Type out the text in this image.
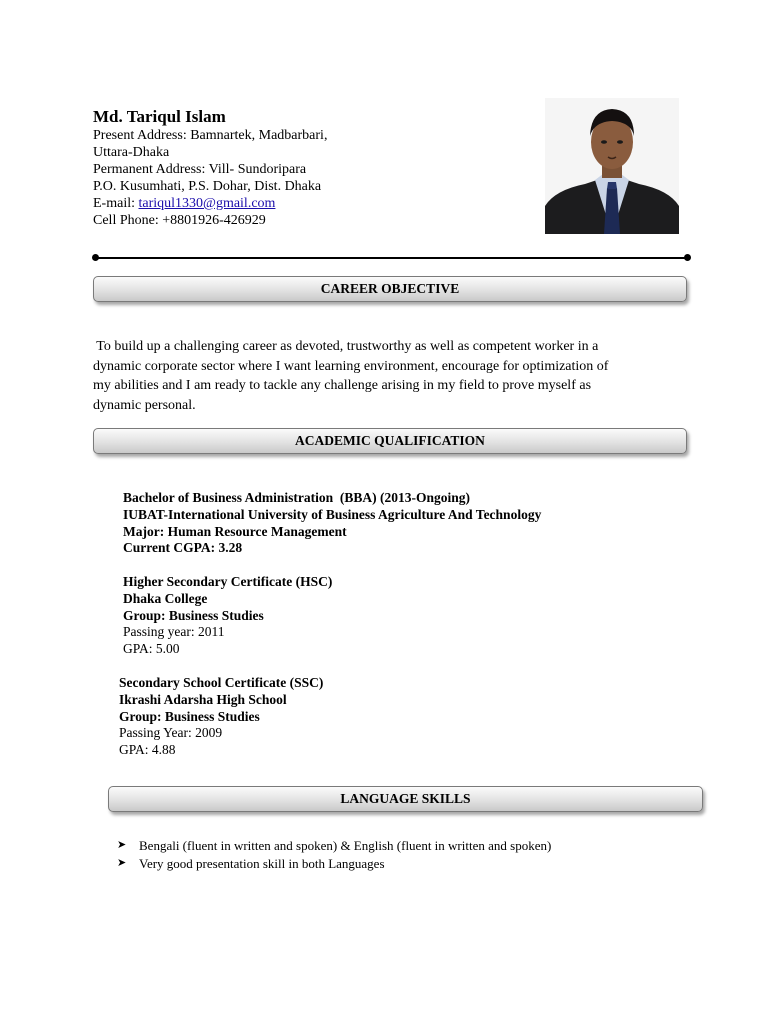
Md. Tariqul Islam
Present Address: Bamnartek, Madbarbari,
Uttara-Dhaka
Permanent Address: Vill- Sundoripara
P.O. Kusumhati, P.S. Dohar, Dist. Dhaka
E-mail: tariqul1330@gmail.com
Cell Phone: +8801926-426929
CAREER OBJECTIVE
To build up a challenging career as devoted, trustworthy as well as competent worker in a
dynamic corporate sector where I want learning environment, encourage for optimization of
my abilities and I am ready to tackle any challenge arising in my field to prove myself as
dynamic personal.
ACADEMIC QUALIFICATION
Bachelor of Business Administration  (BBA) (2013-Ongoing)
IUBAT-International University of Business Agriculture And Technology
Major: Human Resource Management
Current CGPA: 3.28
Higher Secondary Certificate (HSC)
Dhaka College
Group: Business Studies
Passing year: 2011
GPA: 5.00
Secondary School Certificate (SSC)
Ikrashi Adarsha High School
Group: Business Studies
Passing Year: 2009
GPA: 4.88
LANGUAGE SKILLS
➤ Bengali (fluent in written and spoken) & English (fluent in written and spoken)
➤ Very good presentation skill in both Languages
